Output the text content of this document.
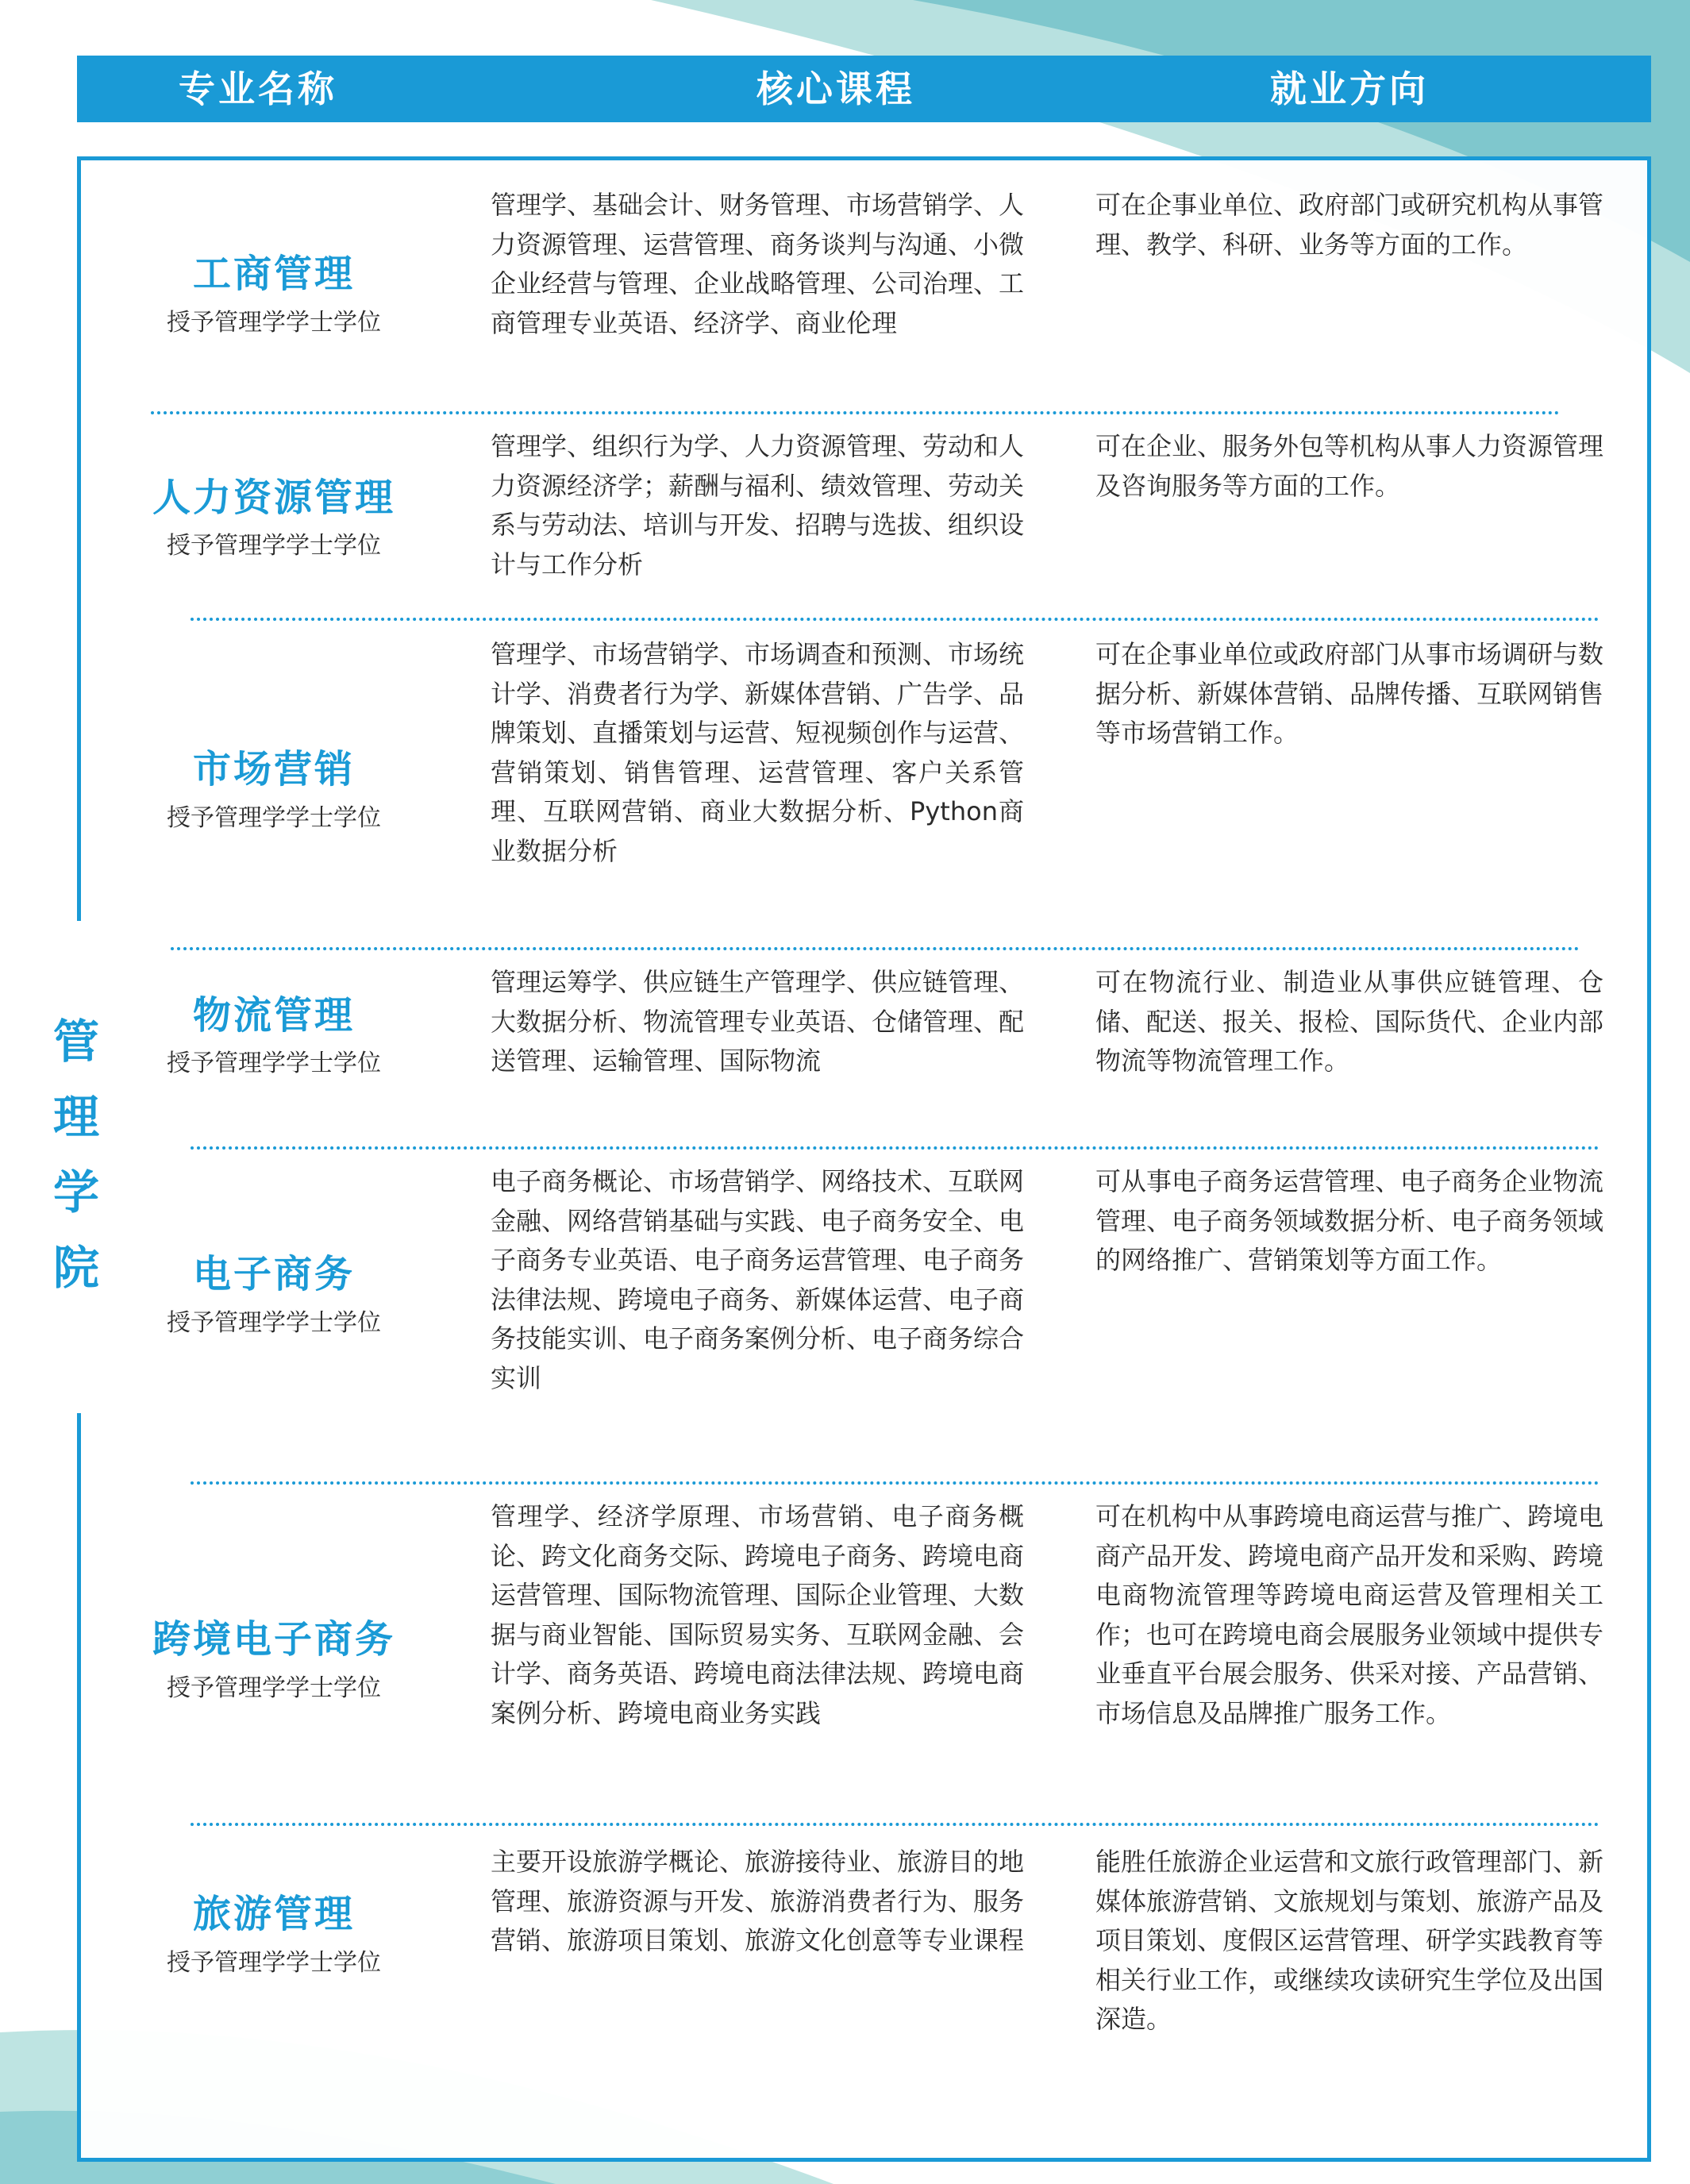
专业名称	核心课程	就业方向
管
理
学
院
工商管理
授予管理学学士学位
管理学、基础会计、财务管理、市场营销学、人力资源管理、运营管理、商务谈判与沟通、小微企业经营与管理、企业战略管理、公司治理、工商管理专业英语、经济学、商业伦理
可在企事业单位、政府部门或研究机构从事管理、教学、科研、业务等方面的工作。
人力资源管理
授予管理学学士学位
管理学、组织行为学、人力资源管理、劳动和人力资源经济学；薪酬与福利、绩效管理、劳动关系与劳动法、培训与开发、招聘与选拔、组织设计与工作分析
可在企业、服务外包等机构从事人力资源管理及咨询服务等方面的工作。
市场营销
授予管理学学士学位
管理学、市场营销学、市场调查和预测、市场统计学、消费者行为学、新媒体营销、广告学、品牌策划、直播策划与运营、短视频创作与运营、营销策划、销售管理、运营管理、客户关系管理、互联网营销、商业大数据分析、Python商业数据分析
可在企事业单位或政府部门从事市场调研与数据分析、新媒体营销、品牌传播、互联网销售等市场营销工作。
物流管理
授予管理学学士学位
管理运筹学、供应链生产管理学、供应链管理、大数据分析、物流管理专业英语、仓储管理、配送管理、运输管理、国际物流
可在物流行业、制造业从事供应链管理、仓储、配送、报关、报检、国际货代、企业内部物流等物流管理工作。
电子商务
授予管理学学士学位
电子商务概论、市场营销学、网络技术、互联网金融、网络营销基础与实践、电子商务安全、电子商务专业英语、电子商务运营管理、电子商务法律法规、跨境电子商务、新媒体运营、电子商务技能实训、电子商务案例分析、电子商务综合实训
可从事电子商务运营管理、电子商务企业物流管理、电子商务领域数据分析、电子商务领域的网络推广、营销策划等方面工作。
跨境电子商务
授予管理学学士学位
管理学、经济学原理、市场营销、电子商务概论、跨文化商务交际、跨境电子商务、跨境电商运营管理、国际物流管理、国际企业管理、大数据与商业智能、国际贸易实务、互联网金融、会计学、商务英语、跨境电商法律法规、跨境电商案例分析、跨境电商业务实践
可在机构中从事跨境电商运营与推广、跨境电商产品开发、跨境电商产品开发和采购、跨境电商物流管理等跨境电商运营及管理相关工作；也可在跨境电商会展服务业领域中提供专业垂直平台展会服务、供采对接、产品营销、市场信息及品牌推广服务工作。
旅游管理
授予管理学学士学位
主要开设旅游学概论、旅游接待业、旅游目的地管理、旅游资源与开发、旅游消费者行为、服务营销、旅游项目策划、旅游文化创意等专业课程
能胜任旅游企业运营和文旅行政管理部门、新媒体旅游营销、文旅规划与策划、旅游产品及项目策划、度假区运营管理、研学实践教育等相关行业工作，或继续攻读研究生学位及出国深造。
